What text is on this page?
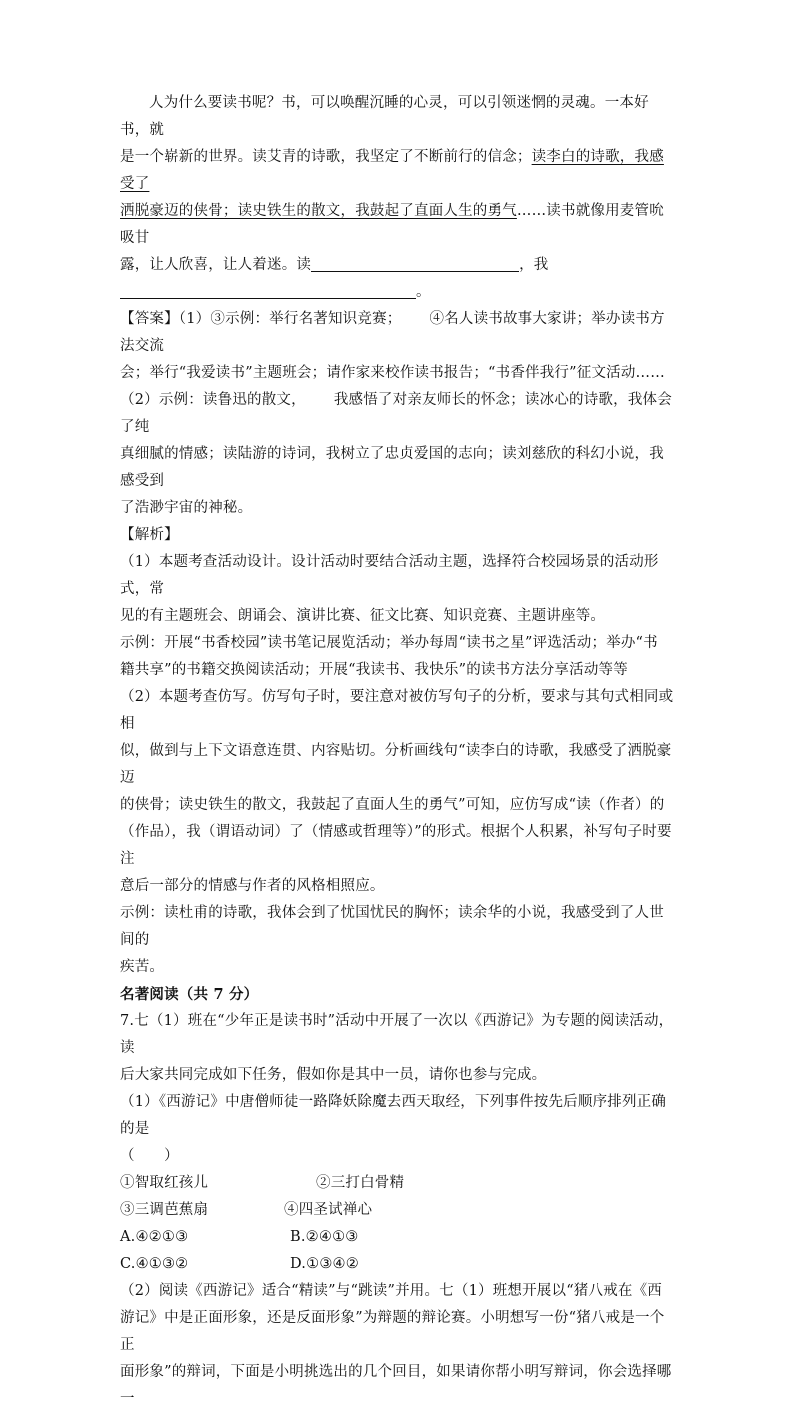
人为什么要读书呢？书，可以唤醒沉睡的心灵，可以引领迷惘的灵魂。一本好书，就

是一个崭新的世界。读艾青的诗歌，我坚定了不断前行的信念；读李白的诗歌，我感受了

洒脱豪迈的侠骨；读史铁生的散文，我鼓起了直面人生的勇气……读书就像用麦管吮吸甘

露，让人欣喜，让人着迷。读	，我

。

【答案】（1）③示例：举行名著知识竞赛； ④名人读书故事大家讲；举办读书方法交流

会；举行“我爱读书”主题班会；请作家来校作读书报告；“书香伴我行”征文活动……

（2）示例：读鲁迅的散文， 我感悟了对亲友师长的怀念；读冰心的诗歌，我体会了纯

真细腻的情感；读陆游的诗词，我树立了忠贞爱国的志向；读刘慈欣的科幻小说，我感受到

了浩渺宇宙的神秘。

【解析】

（1）本题考查活动设计。设计活动时要结合活动主题，选择符合校园场景的活动形式，常

见的有主题班会、朗诵会、演讲比赛、征文比赛、知识竞赛、主题讲座等。

示例：开展“书香校园”读书笔记展览活动；举办每周“读书之星”评选活动；举办“书

籍共享”的书籍交换阅读活动；开展“我读书、我快乐”的读书方法分享活动等等

（2）本题考查仿写。仿写句子时，要注意对被仿写句子的分析，要求与其句式相同或相

似，做到与上下文语意连贯、内容贴切。分析画线句“读李白的诗歌，我感受了洒脱豪迈

的侠骨；读史铁生的散文，我鼓起了直面人生的勇气”可知，应仿写成“读（作者）的

（作品），我（谓语动词）了（情感或哲理等）”的形式。根据个人积累，补写句子时要注

意后一部分的情感与作者的风格相照应。

示例：读杜甫的诗歌，我体会到了忧国忧民的胸怀；读余华的小说，我感受到了人世间的

疾苦。

名著阅读（共 7 分）

7.七（1）班在“少年正是读书时”活动中开展了一次以《西游记》为专题的阅读活动，读

后大家共同完成如下任务，假如你是其中一员，请你也参与完成。

（1）《西游记》中唐僧师徒一路降妖除魔去西天取经，下列事件按先后顺序排列正确的是

（　　）

①智取红孩儿	②三打白骨精

③三调芭蕉扇	④四圣试禅心

A.④②①③	B.②④①③

C.④①③②	D.①③④②

（2）阅读《西游记》适合“精读”与“跳读”并用。七（1）班想开展以“猪八戒在《西

游记》中是正面形象，还是反面形象”为辩题的辩论赛。小明想写一份“猪八戒是一个正

面形象”的辩词，下面是小明挑选出的几个回目，如果请你帮小明写辩词，你会选择哪一
